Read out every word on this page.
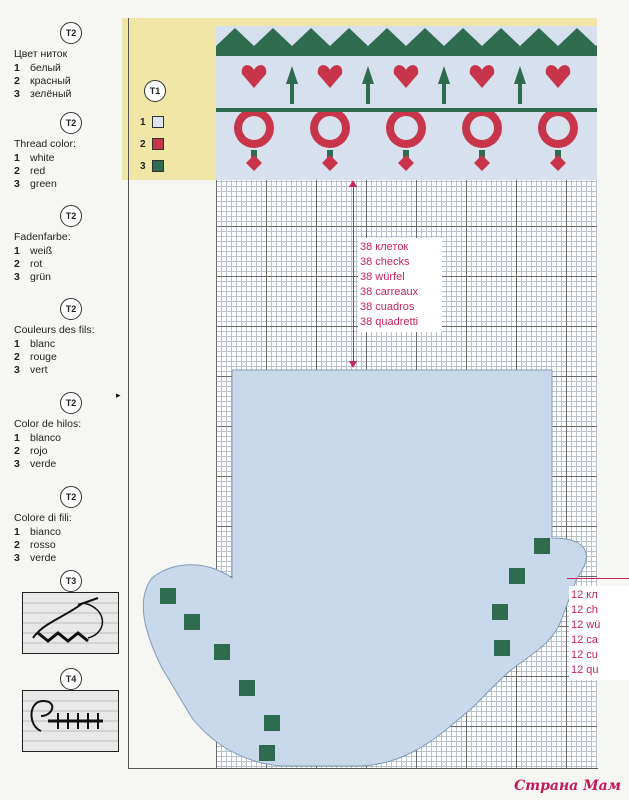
T2
Цвет ниток
1 белый
2 красный
3 зелёный
T2
Thread color:
1 white
2 red
3 green
T2
Fadenfarbe:
1 weiß
2 rot
3 grün
T2
Couleurs des fils:
1 blanc
2 rouge
3 vert
T2
Color de hilos:
1 blanco
2 rojo
3 verde
T2
Colore di fili:
1 bianco
2 rosso
3 verde
T3
T4
T1
1
2
3
38 клеток
38 checks
38 würfel
38 carreaux
38 cuadros
38 quadretti
12 кл
12 ch
12 wü
12 ca
12 cu
12 qu
▸
Страна Мам
